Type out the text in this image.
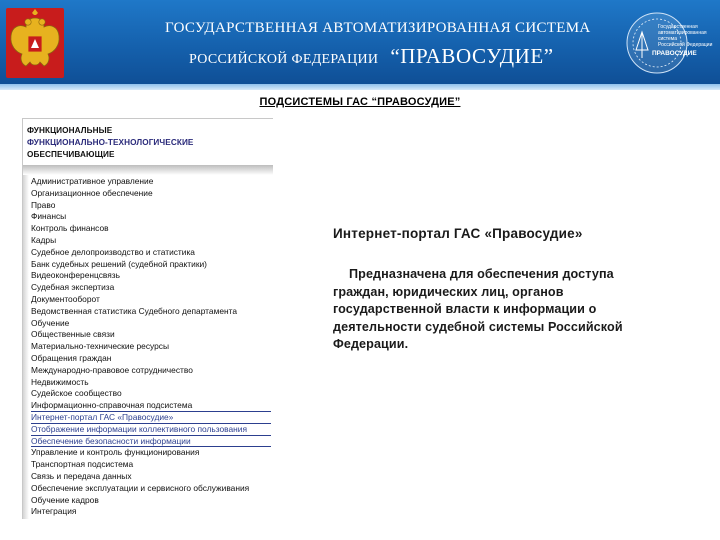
ГОСУДАРСТВЕННАЯ АВТОМАТИЗИРОВАННАЯ СИСТЕМА
РОССИЙСКОЙ ФЕДЕРАЦИИ “ПРАВОСУДИЕ”
Государственная
автоматизированная
система
Российской Федерации
ПРАВОСУДИЕ
ПОДСИСТЕМЫ ГАС “ПРАВОСУДИЕ”
ФУНКЦИОНАЛЬНЫЕ
ФУНКЦИОНАЛЬНО-ТЕХНОЛОГИЧЕСКИЕ
ОБЕСПЕЧИВАЮЩИЕ
Административное управление
Организационное обеспечение
Право
Финансы
Контроль финансов
Кадры
Судебное делопроизводство и статистика
Банк судебных решений (судебной практики)
Видеоконференцсвязь
Судебная экспертиза
Документооборот
Ведомственная статистика Судебного департамента
Обучение
Общественные связи
Материально-технические ресурсы
Обращения граждан
Международно-правовое сотрудничество
Недвижимость
Судейское сообщество
Информационно-справочная подсистема
Интернет-портал ГАС «Правосудие»
Отображение информации коллективного пользования
Обеспечение безопасности информации
Управление и контроль функционирования
Транспортная подсистема
Связь и передача данных
Обеспечение эксплуатации и сервисного обслуживания
Обучение кадров
Интеграция
Интернет-портал ГАС «Правосудие»

Предназначена для обеспечения доступа граждан, юридических лиц, органов государственной власти к информации о деятельности судебной системы Российской Федерации.
